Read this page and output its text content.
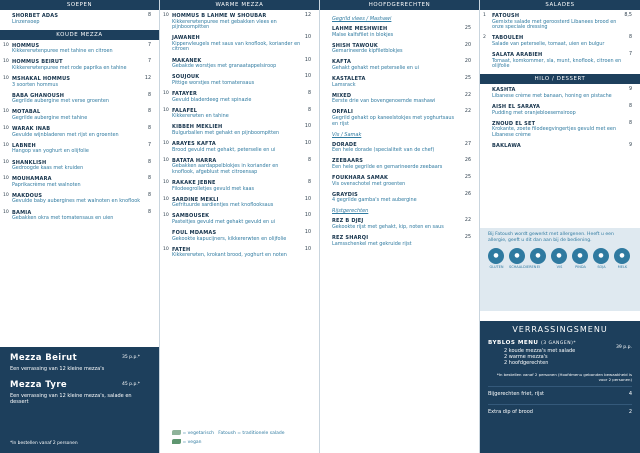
SOEPEN
SHORBET ADAS
Linzensoep
8
KOUDE MEZZA
10 HOMMUS
Kikkererwtenpuree met tahine en citroen
7
10 HOMMUS BEIRUT
Kikkererwtenpuree met rode paprika en tahine
7
10 MSHAKAL HOMMUS
3 soorten hommus
12
BABA GHANOUSH
Gegrilde aubergine met verse groenten
8
10 MOTABAL
Gegrilde aubergine met tahine
8
10 WARAK INAB
Gevulde wijnbladeren met rijst en groenten
8
10 LABNEH
Hangop van yoghurt en olijfolie
7
10 SHANKLISH
Gedroogde kaas met kruiden
8
10 MOUHAMARA
Paprikacrème met walnoten
8
10 MAKDOUS
Gevulde baby aubergines met walnoten en knoflook
8
10 BAMIA
Gebakken okra met tomatensaus en uien
8
Mezza Beirut	35 p.p.*
Een verrassing van 12 kleine mezza's
Mezza Tyre	45 p.p.*
Een verrassing van 12 kleine mezza's, salade en dessert
*In bestellen vanaf 2 personen
WARME MEZZA
10 HOMMUS B LAHME W SHOUBAR
Kikkererwtenpuree met gebakken vlees en pijnboompitten
12
JAWANEH
Kippenvleugels met saus van knoflook, koriander en citroen
10
MAKANEK
Gebakde worstjes met granaatappelsiroop
10
SOUJOUK
Pittige worstjes met tomatensaus
10
10 FATAYER
Gevuld bladerdeeg met spinazie
8
10 FALAFEL
Kikkererwten en tahine
8
KIBBEH MEKLIEH
Bulgurballen met gehakt en pijnboompitten
10
10 ARAYES KAFTA
Brood gevuld met gehakt, peterselie en ui
10
10 BATATA HARRA
Gebakken aardappelblokjes in koriander en knoflook, afgeblust met citroensap
8
10 RAKAKE JEBNE
Filodeegrolletjes gevuld met kaas
8
10 SARDINE MEKLI
Gefrituurde sardientjes met knoflooksaus
10
10 SAMBOUSEK
Pasteitjes gevuld met gehakt gevuld en ui
10
FOUL MDAMAS
Gekookte kapucijners, kikkererwten en olijfolie
10
10 FATEH
Kikkererwten, krokant brood, yoghurt en noten
10
= vegetarisch Fatoush = traditionele salade
= vegan
HOOFDGERECHTEN
Gegrild vlees / Mashawi
LAHME MESHWIEH
Malse kalfsfilet in blokjes
25
SHISH TAWOUK
Gemarineerde kipfiletblokjes
20
KAFTA
Gehakt gehakt met peterselie en ui
20
KASTALETA
Lamsrack
25
MIXED
Eerste drie van bovengenoemde mashawi
22
ORFALI
Gegrild gehakt op kaneelstokjes met yoghurtsaus en rijst
22
Vis / Samak
DORADE
Een hele dorade (specialiteit van de chef)
27
ZEEBAARS
Een hele gegrilde en gemarineerde zeebaars
26
FOUKHARA SAMAK
Vis ovenschotel met groenten
25
GRAYDIS
4 gegrilde gamba's met aubergine
26
Rijstgerechten
REZ B DJEJ
Gekookte rijst met gehakt, kip, noten en saus
22
REZ SHARQI
Lamsschenkel met gekruide rijst
25
SALADES
1 FATOUSH
Gemixte salade met geroosterd Libanees brood en onze speciale dressing
8,5
2 TABOULEH
Salade van peterselie, tomaat, uien en bulgur
8
SALATA ARABIEH
Tomaat, komkommer, sla, munt, knoflook, citroen en olijfolie
7
HILO / DESSERT
KASHTA
Libanese crème met banaan, honing en pistache
9
AISH EL SARAYA
Pudding met oranjebloesemsiroop
8
ZNOUD EL SET
Krokante, zoete filodeegvingertjes gevuld met een Libanese crème
8
BAKLAWA	9
Bij Fatoush wordt gewerkt met allergenen. Heeft u een allergie, geeft u dit dan aan bij de bediening.
●
GLUTEN
●
SCHAALDIEREN
●
EI
●
VIS
●
PINDA
●
SOJA
●
MELK
VERRASSINGSMENU
BYBLOS MENU (3 GANGEN)*
39 p.p.
2 koude mezza's met salade
2 warme mezza's
2 hoofdgerechten
*In bestellen vanaf 2 personen (Hoofdmenu gebonden bewaakheid is voor 2 personen)
Bijgerechten friet, rijst	4
Extra dip of brood	2
